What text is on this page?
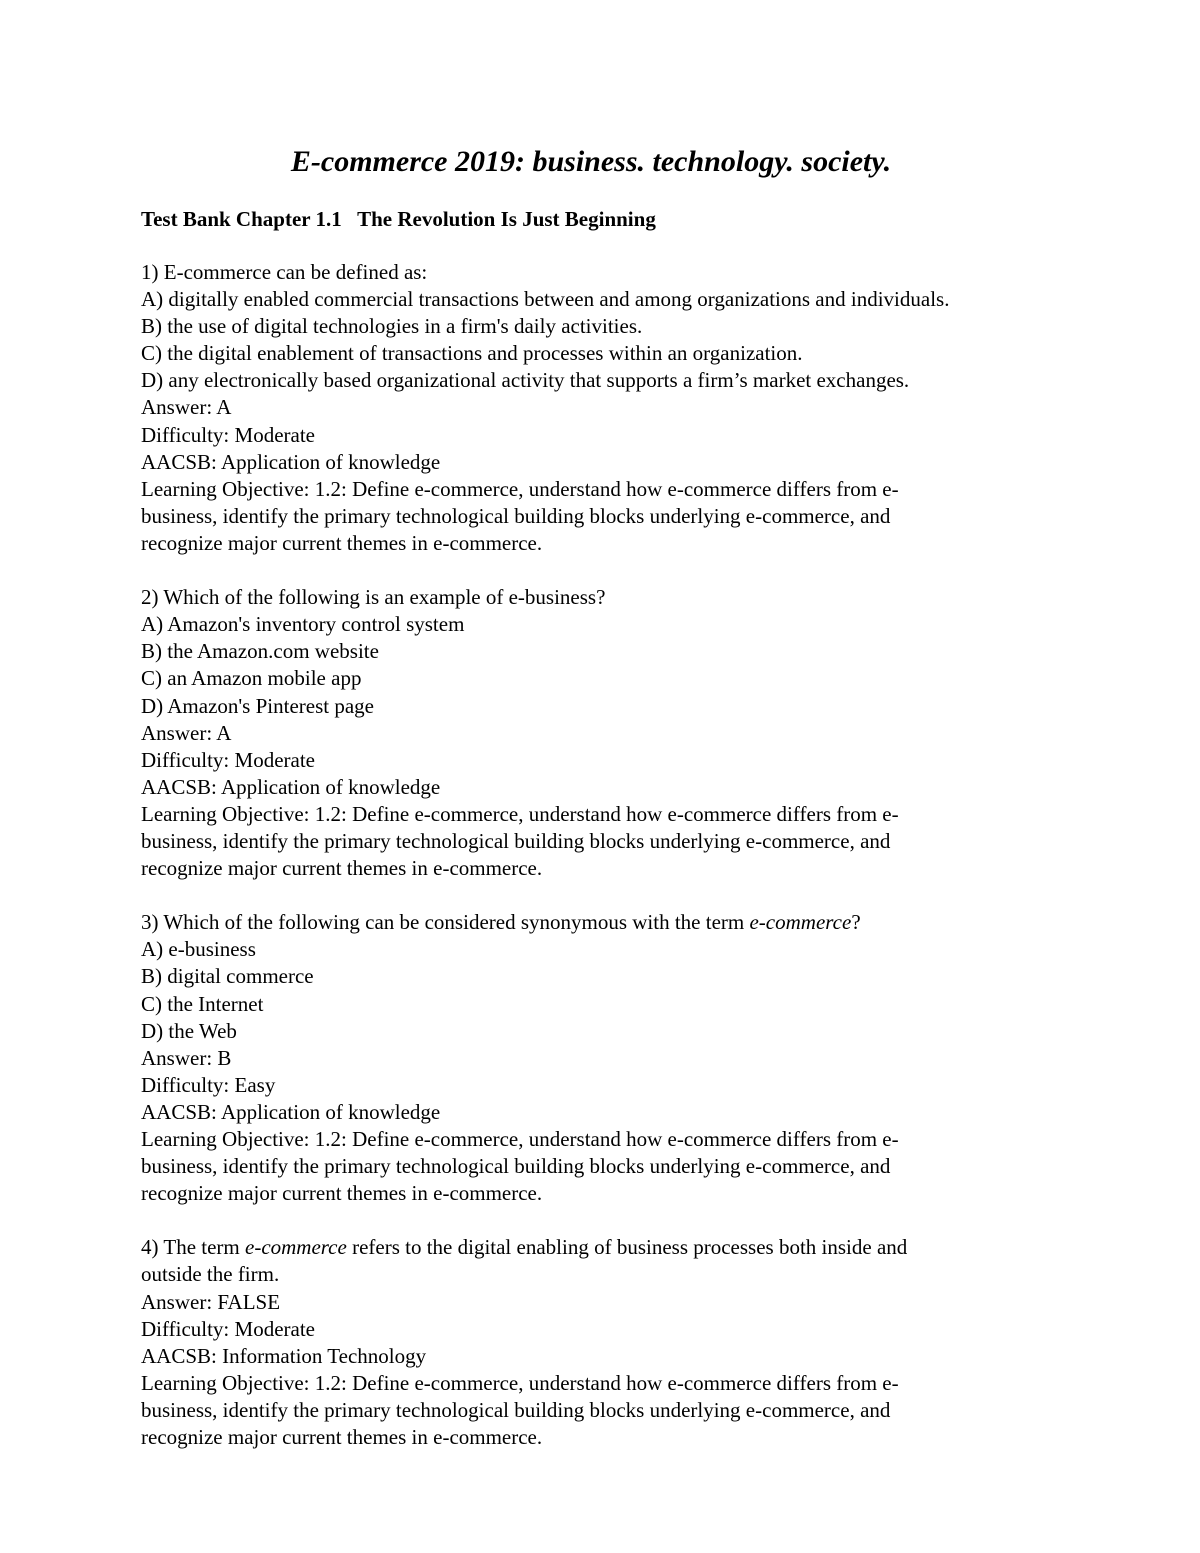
E-commerce 2019: business. technology. society.
Test Bank Chapter 1.1   The Revolution Is Just Beginning
1) E-commerce can be defined as:
A) digitally enabled commercial transactions between and among organizations and individuals.
B) the use of digital technologies in a firm's daily activities.
C) the digital enablement of transactions and processes within an organization.
D) any electronically based organizational activity that supports a firm’s market exchanges.
Answer: A
Difficulty: Moderate
AACSB: Application of knowledge
Learning Objective: 1.2: Define e-commerce, understand how e-commerce differs from e-
business, identify the primary technological building blocks underlying e-commerce, and
recognize major current themes in e-commerce.
2) Which of the following is an example of e-business?
A) Amazon's inventory control system
B) the Amazon.com website
C) an Amazon mobile app
D) Amazon's Pinterest page
Answer: A
Difficulty: Moderate
AACSB: Application of knowledge
Learning Objective: 1.2: Define e-commerce, understand how e-commerce differs from e-
business, identify the primary technological building blocks underlying e-commerce, and
recognize major current themes in e-commerce.
3) Which of the following can be considered synonymous with the term e-commerce?
A) e-business
B) digital commerce
C) the Internet
D) the Web
Answer: B
Difficulty: Easy
AACSB: Application of knowledge
Learning Objective: 1.2: Define e-commerce, understand how e-commerce differs from e-
business, identify the primary technological building blocks underlying e-commerce, and
recognize major current themes in e-commerce.
4) The term e-commerce refers to the digital enabling of business processes both inside and
outside the firm.
Answer: FALSE
Difficulty: Moderate
AACSB: Information Technology
Learning Objective: 1.2: Define e-commerce, understand how e-commerce differs from e-
business, identify the primary technological building blocks underlying e-commerce, and
recognize major current themes in e-commerce.
